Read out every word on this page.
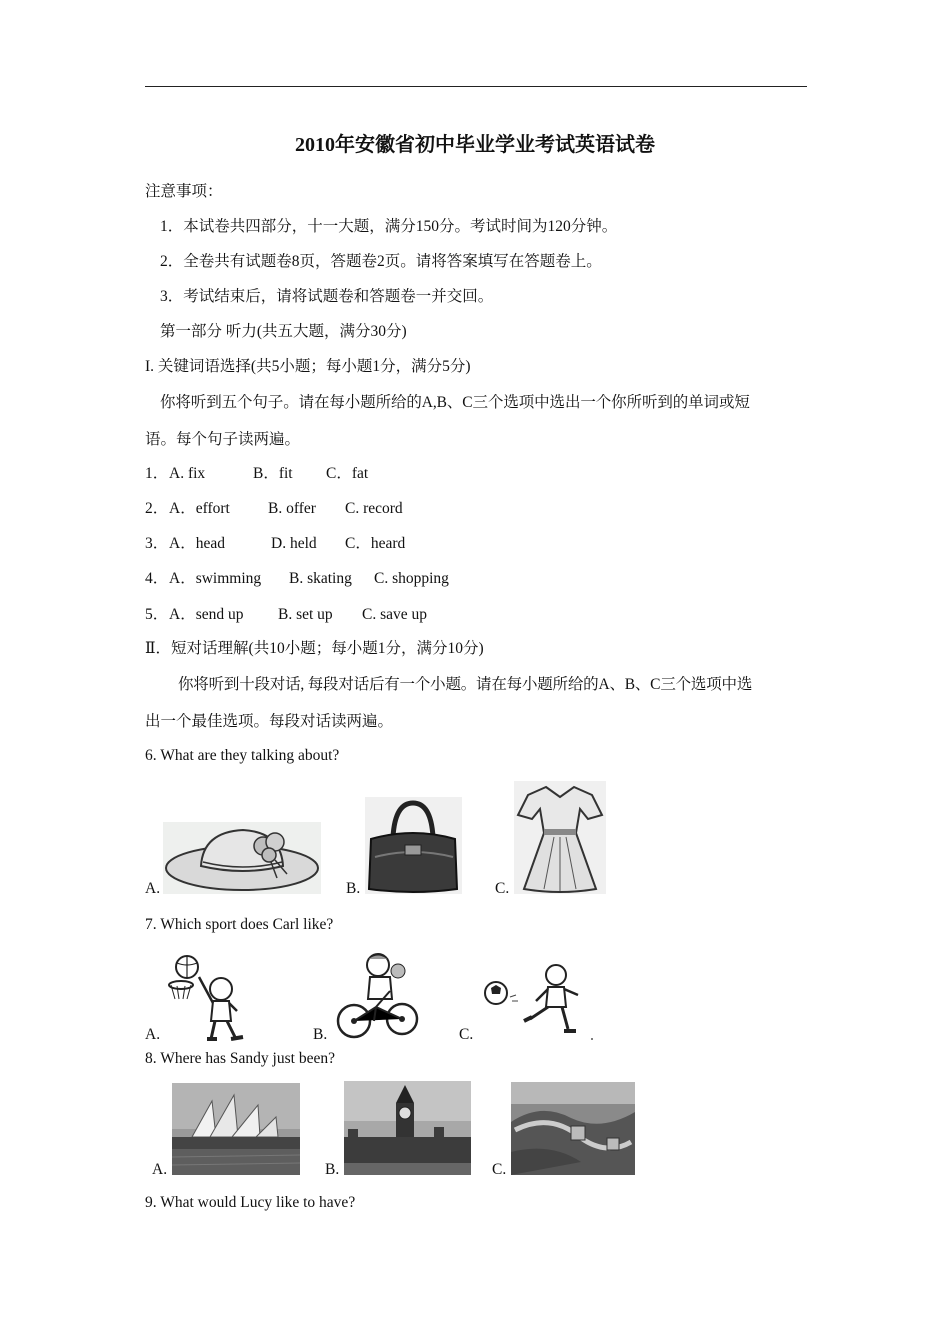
2010年安徽省初中毕业学业考试英语试卷
注意事项：
1．本试卷共四部分，十一大题，满分150分。考试时间为120分钟。
2．全卷共有试题卷8页，答题卷2页。请将答案填写在答题卷上。
3．考试结束后，请将试题卷和答题卷一并交回。
第一部分 听力(共五大题，满分30分)
I. 关键词语选择(共5小题；每小题1分，满分5分)
你将听到五个句子。请在每小题所给的A,B、C三个选项中选出一个你所听到的单词或短
语。每个句子读两遍。
1． A. fix	B．fit C．fat
2． A．effort B. offer C. record
3． A．head	D. held C．heard
4． A．swimming B. skating C. shopping
5． A．send up B. set up C. save up
Ⅱ．短对话理解(共10小题；每小题1分，满分10分)
你将听到十段对话, 每段对话后有一个小题。请在每小题所给的A、B、C三个选项中选
出一个最佳选项。每段对话读两遍。
6. What are they talking about?
A.	B.	C.
7. Which sport does Carl like?
A.	B.	C.
8. Where has Sandy just been?
A.	B.	C.
9. What would Lucy like to have?
